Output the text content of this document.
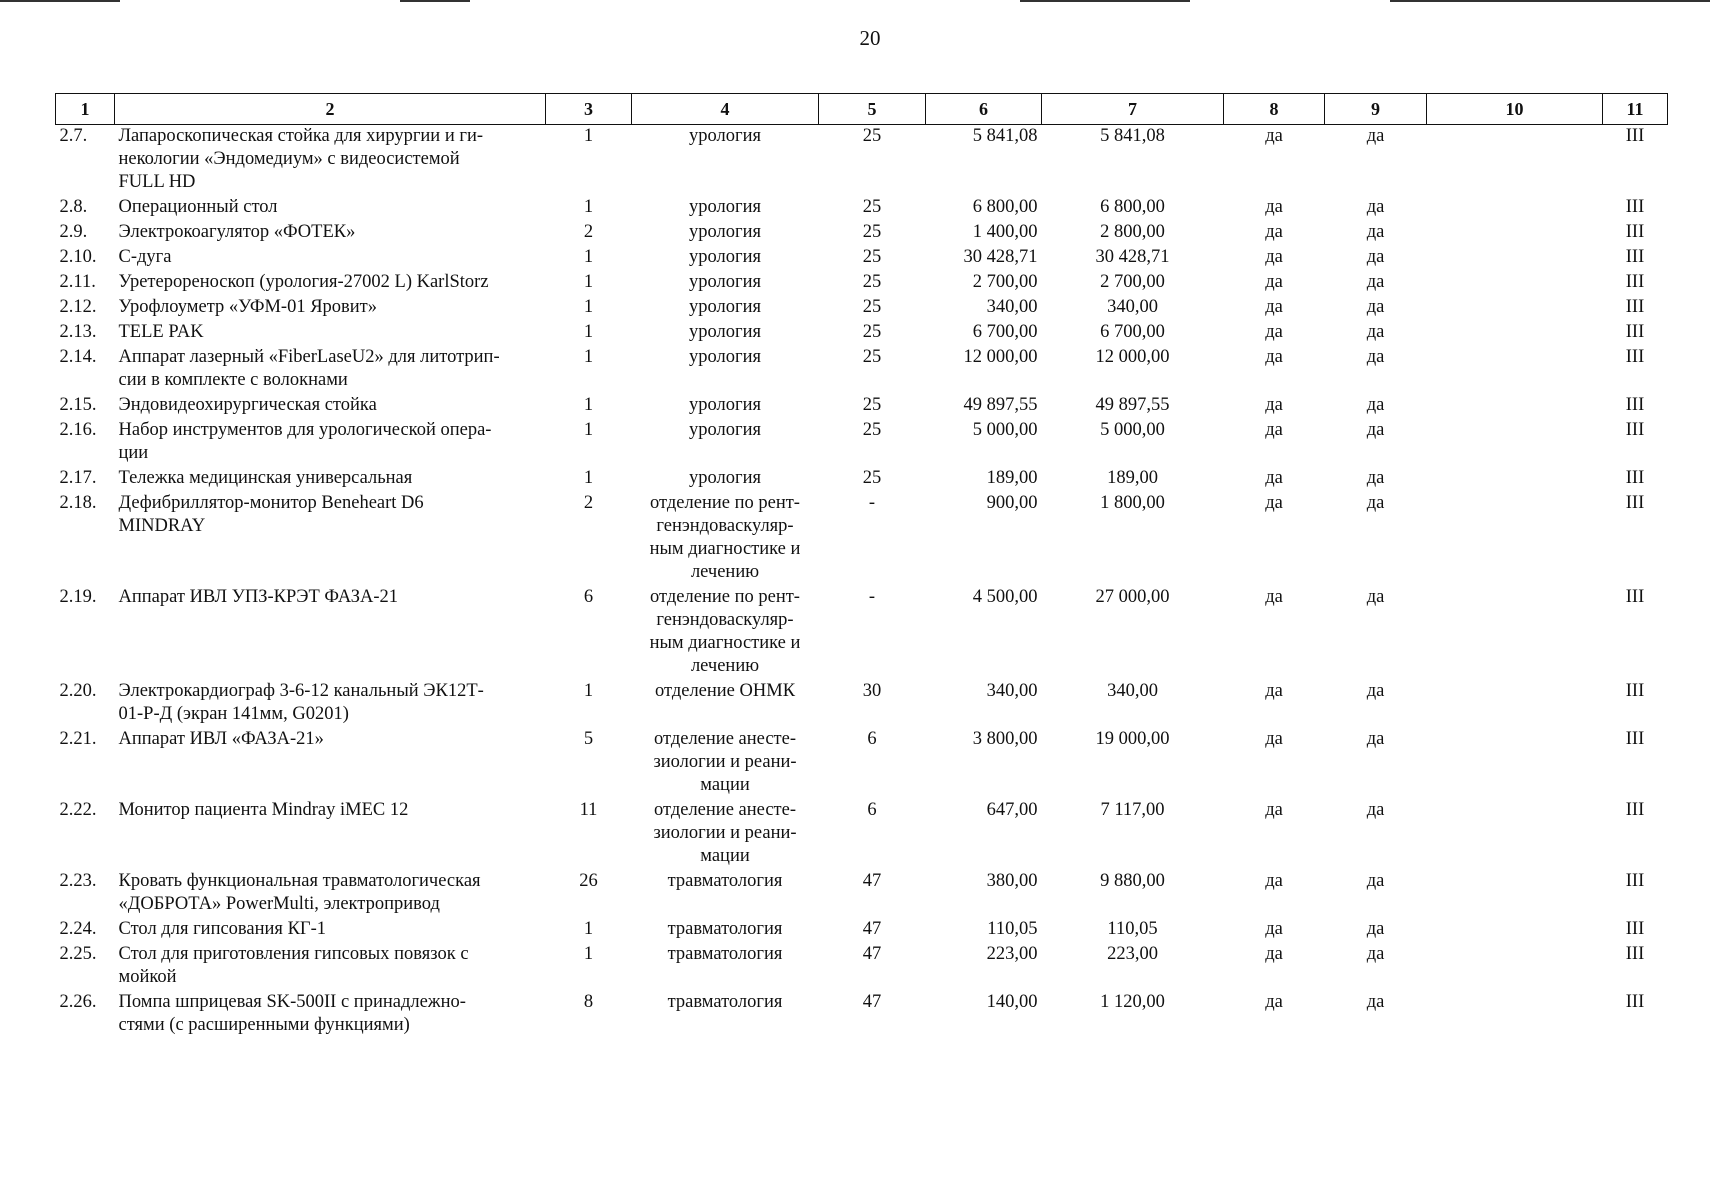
20
1	2	3	4	5	6	7	8	9	10	11
2.7.	Лапароскопическая стойка для хирургии и ги-
некологии «Эндомедиум» с видеосистемой
FULL HD	1	урология	25	5 841,08	5 841,08	да	да		III
2.8.	Операционный стол	1	урология	25	6 800,00	6 800,00	да	да		III
2.9.	Электрокоагулятор «ФОТЕК»	2	урология	25	1 400,00	2 800,00	да	да		III
2.10.	С-дуга	1	урология	25	30 428,71	30 428,71	да	да		III
2.11.	Уретерореноскоп (урология-27002 L) KarlStorz	1	урология	25	2 700,00	2 700,00	да	да		III
2.12.	Урофлоуметр «УФМ-01 Яровит»	1	урология	25	340,00	340,00	да	да		III
2.13.	TELE PAK	1	урология	25	6 700,00	6 700,00	да	да		III
2.14.	Аппарат лазерный «FiberLaseU2» для литотрип-
сии в комплекте с волокнами	1	урология	25	12 000,00	12 000,00	да	да		III
2.15.	Эндовидеохирургическая стойка	1	урология	25	49 897,55	49 897,55	да	да		III
2.16.	Набор инструментов для урологической опера-
ции	1	урология	25	5 000,00	5 000,00	да	да		III
2.17.	Тележка медицинская универсальная	1	урология	25	189,00	189,00	да	да		III
2.18.	Дефибриллятор-монитор Beneheart D6
MINDRAY	2	отделение по рент-
генэндоваскуляр-
ным диагностике и
лечению	-	900,00	1 800,00	да	да		III
2.19.	Аппарат ИВЛ УПЗ-КРЭТ ФАЗА-21	6	отделение по рент-
генэндоваскуляр-
ным диагностике и
лечению	-	4 500,00	27 000,00	да	да		III
2.20.	Электрокардиограф 3-6-12 канальный ЭК12Т-
01-Р-Д (экран 141мм, G0201)	1	отделение ОНМК	30	340,00	340,00	да	да		III
2.21.	Аппарат ИВЛ «ФАЗА-21»	5	отделение анесте-
зиологии и реани-
мации	6	3 800,00	19 000,00	да	да		III
2.22.	Монитор пациента Mindray iMEC 12	11	отделение анесте-
зиологии и реани-
мации	6	647,00	7 117,00	да	да		III
2.23.	Кровать функциональная травматологическая
«ДОБРОТА» PowerMulti, электропривод	26	травматология	47	380,00	9 880,00	да	да		III
2.24.	Стол для гипсования КГ-1	1	травматология	47	110,05	110,05	да	да		III
2.25.	Стол для приготовления гипсовых повязок с
мойкой	1	травматология	47	223,00	223,00	да	да		III
2.26.	Помпа шприцевая SK-500II с принадлежно-
стями (с расширенными функциями)	8	травматология	47	140,00	1 120,00	да	да		III
